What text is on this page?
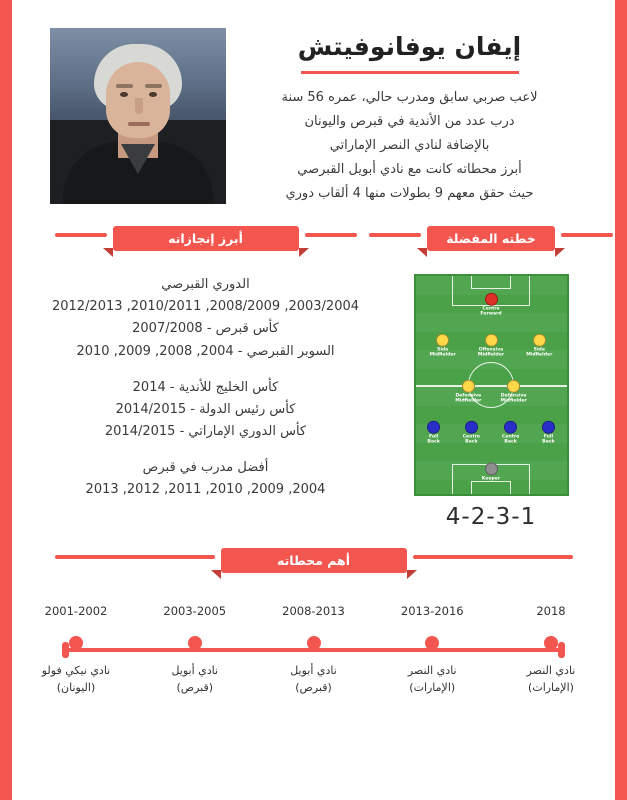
إيفان يوفانوفيتش
لاعب صربي سابق ومدرب حالي، عمره 56 سنة
درب عدد من الأندية في قبرص واليونان
بالإضافة لنادي النصر الإماراتي
أبرز محطاته كانت مع نادي أبويل القبرصي
حيث حقق معهم 9 بطولات منها 4 ألقاب دوري
أبرز إنجازاته	خطته المفضلة
الدوري القبرصي
2003/2004, 2008/2009, 2010/2011, 2012/2013
كأس قبرص - 2007/2008
السوبر القبرصي - 2004, 2008, 2009, 2010
كأس الخليج للأندية - 2014
كأس رئيس الدولة - 2014/2015
كأس الدوري الإماراتي - 2014/2015
أفضل مدرب في قبرص
2004, 2009, 2010, 2011, 2012, 2013
Centre
Forward
Side
Midfielder
Offensive
Midfielder
Side
Midfielder
Defensive
Midfielder
Defensive
Midfielder
Full
Back
Centre
Back
Centre
Back
Full
Back
Keeper
4-2-3-1
أهم محطاته
2001-2002
نادي نيكي فولو
(اليونان)
2003-2005
نادي أبويل
(قبرص)
2008-2013
نادي أبويل
(قبرص)
2013-2016
نادي النصر
(الإمارات)
2018
نادي النصر
(الإمارات)
